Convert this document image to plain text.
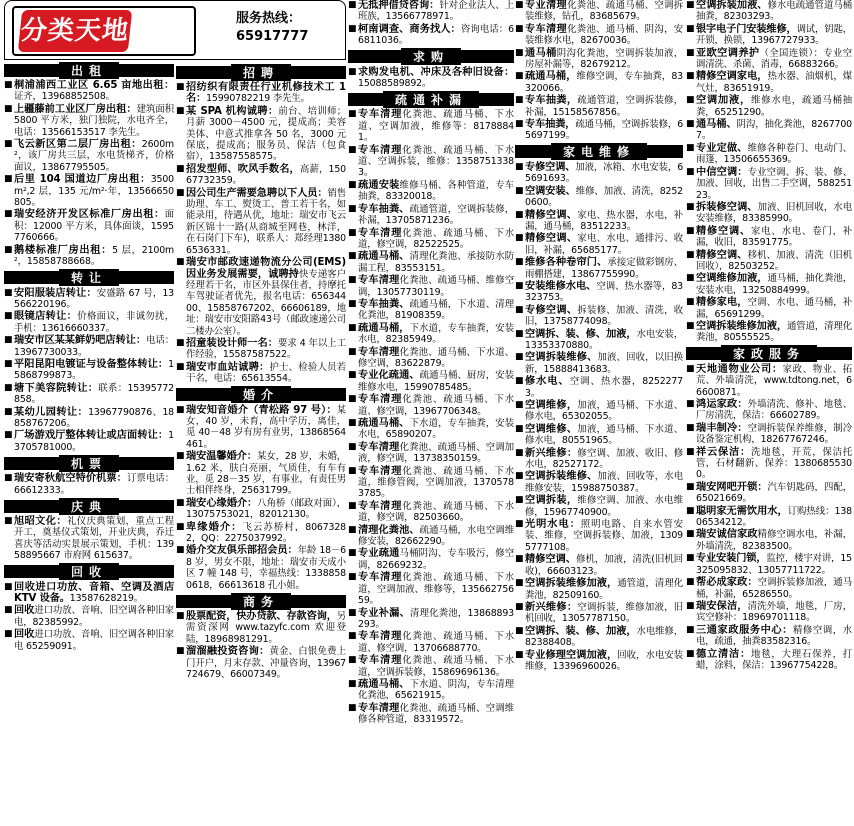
分类天地	服务热线：
65917777
出租
■ 桐浦浦西工业区 6.65 亩地出租：证齐，13968852508。
■ 上疆藤前工业区厂房出租：建筑面积 5800 平方米，独门独院，水电齐全，电话：13566153517 李先生。
■ 飞云新区第二层厂房出租：2600m²，该厂房共三层，水电货梯齐，价格面议，13867795505。
■ 后里 104 国道边厂房出租：3500m²,2 层，135 元/m²·年，13566650805。
■ 瑞安经济开发区标准厂房出租：面积：12000 平方米，具体面谈，15957760666。
■ 鹅楼标准厂房出租：5 层，2100m²，15858788668。
转让
■ 安阳服装店转让：安盛路 67 号，13566220196。
■ 眼镜店转让：价格面议，非诚勿扰，手机：13616660337。
■ 瑞安市区某某鲜奶吧店转让：电话：13967730033。
■ 平阳昆阳电镀证与设备整体转让：15868799873。
■ 塘下美容院转让：联系：15395772858。
■ 某幼儿园转让：13967790876、18858767206。
■ 厂场游戏厅整体转让或店面转让：13705781000。
机票
■ 瑞安寄秋航空特价机票：订票电话：66612333。
庆典
■ 旭昭文化：礼仪庆典策划，重点工程开工，奠基仪式策划，开业庆典，乔迁喜庆等活动实景展示策划，手机：13958895667 市府网 615637。
回收
■ 回收进口功放、音箱、空调及酒店 KTV 设备。13587628219。
■ 回收进口功放、音响、旧空调各种旧家电，82385992。
■ 回收进口功放、音响、旧空调各种旧家电 65259091。
招聘
■ 招纺织有限责任行业机修技术工 1 名：15990782219 李先生。
■ 某 SPA 机构诚聘：前台、培训师；月薪 3000－4500 元，提成高；美容美体、中意式推拿各 50 名，3000 元保底，提成高；服务员、保洁（包食宿），13587558575。
■ 招发型师、吹风手数名，高薪，15067732359。
■ 因公司生产需要急聘以下人员：销售助理、车工、熨烫工、普工若干名，如能录用，待遇从优，地址：瑞安市飞云新区锦十一路(从商城至网巷，林洋，在石岗门下车)，联系人：郑经理13806536331。
■ 瑞安市邮政速递物流分公司(EMS)因业务发展需要，诚聘持快专递客户经理若干名，市区外县保住者，持摩托车驾驶证者优先，报名电话：65634400、15858767202、66606189，地址：瑞安市安阳路43号（邮政速递公司二楼办公室）。
■ 招童装设计师一名：要求 4 年以上工作经验，15587587522。
■ 瑞安市血站诚聘：护士、检验人员若干名，电话：65613554。
婚介
■ 瑞安知音婚介（青松路 97 号）：某女，40 岁，未育，高中学历，离佳，觅 40－48 岁有房有业男，13868564461。
■ 瑞安温馨婚介：某女，28 岁，未婚，1.62 米，肤白亮丽，气质佳，有车有业，觅 28－35 岁，有事业，有责任男士相伴终身，25631799。
■ 瑞安心缘婚介：八角桥（邮政对面），13075753021，82012130。
■ 卑缘婚介：飞云苏桥村，80673282，QQ：2275037992。
■ 婚介交友俱乐部招会员：年龄 18－68 岁，男女不限，地址：瑞安市天成小区 7 幢 148 号，幸福热线：13388580618，66613618 孔小姐。
商务
■ 股票配资，快办贷款、存款咨询，另需资深网 www.tazyfc.com 欢迎登陆，18968981291。
■ 溜溜融投资咨询：黄金、白银免费上门开户，月末存款、冲量咨询，13967724679、66007349。
■ 无抵押借贷咨询：针对企业法人、上班族，13566778971。
■ 柯南调查、商务找人：咨询电话：66811036。
求购
■ 求购发电机、冲床及各种旧设备：15088589892。
疏通补漏
■ 专车清理化粪池、疏通马桶、下水道、空调加液，维修等：81788841。
■ 专车清理化粪池、疏通马桶、下水道、空调拆装，维修：13587513383。
■ 疏通安装维修马桶、各种管道，专车抽粪，83320018。
■ 专车抽粪、疏通管道，空调拆装修，补漏，13705871236。
■ 专车清理化粪池、疏通马桶、下水道，修空调，82522525。
■ 疏通马桶、清理化粪池、承接防水防漏工程，83553151。
■ 专车清理化粪池、疏通马桶、维修空调，13057730119。
■ 专车抽粪、疏通马桶，下水道、清理化粪池，81908359。
■ 疏通马桶，下水道，专车抽粪，安装水电，82385949。
■ 专车清理化粪池、通马桶、下水道、修空调，83622879。
■ 专业化疏通、疏通马桶、厨房，安装维修水电，15990785485。
■ 专车清理化粪池、疏通马桶、下水道、修空调，13967706348。
■ 疏通马桶、下水道，专车抽粪，安装水电，65890207。
■ 专车清理化粪池、疏通马桶、空调加液，修空调，13738350159。
■ 专车清理化粪池、疏通马桶、下水道，维修管阀，空调加液，13705783785。
■ 专车清理化粪池、疏通马桶、下水道，修空调，82503660。
■ 清理化粪池、疏通马桶，水电空调维修安装，82662290。
■ 专业疏通马桶阴沟、专车吸污，修空调，82669232。
■ 专车清理化粪池、疏通马桶、下水道，空调加液、维修等，13566275659。
■ 专业补漏、清理化粪池，13868893293。
■ 专车清理化粪池、疏通马桶、下水道、修空调，13706688770。
■ 专车清理化粪池、疏通马桶、下水道，空调拆装修，15869696136。
■ 疏通马桶、下水道、阴沟，专车清理化粪池，65621915。
■ 专车清理化粪池、疏通马桶、空调维修各种管道，83319572。
■ 专业清理化粪池、疏通马桶、空调拆装维修，钻孔，83685679。
■ 专车清理化粪池、通马桶、阴沟，安装维修水电，82670036。
■ 通马桶阴沟化粪池，空调拆装加液，房屋补漏等，82679212。
■ 疏通马桶，维修空调，专车抽粪，83320066。
■ 专车抽粪，疏通管道，空调拆装修，补漏，15158567856。
■ 专车抽粪，疏通马桶，空调拆装修，65697199。
家电维修
■ 专修空调、加液，冰箱、水电安装，65691693。
■ 空调安装、维修、加液、清洗，82520600。
■ 精修空调、家电、热水器，水电，补漏，通马桶，83512233。
■ 精修空调、家电、水电、通排污、收旧，补漏，65685177。
■ 维修各种卷帘门、承接定做彩钢房、雨棚搭建，13867755990。
■ 安装维修水电、空调、热水器等，83323753。
■ 专修空调、拆装修、加液、清洗，收旧，13758774098。
■ 空调拆、装、修、加液，水电安装，13353370880。
■ 空调拆装维修、加液、回收，以旧换新，15888413683。
■ 修水电、空调、热水器，82522773。
■ 空调维修，加液，通马桶、下水道、修水电，65302055。
■ 空调维修、加液，通马桶、下水道、修水电，80551965。
■ 新兴维修：修空调、加液、收旧、修水电，82527172。
■ 空调拆装维修、加液、回收等，水电维修安装，15988750387。
■ 空调拆装，维修空调、加液、水电维修，15967740900。
■ 光明水电：照明电路、自来水管安装、维修，空调拆装修、加液，13095777108。
■ 精修空调、修机，加液，清洗(旧机回收)，66603123。
■ 空调拆装维修加液，通管道，清理化粪池，82509160。
■ 新兴维修：空调拆装，维修加液，旧机回收，13057787150。
■ 空调拆、装、修、加液，水电维修，82388408。
■ 专业修理空调加液，回收，水电安装维修，13396960026。
■ 空调拆装加液、修水电疏通管道马桶抽粪，82303293。
■ 银字电子门安装维修，调试，钥匙，开锁，换锁，13967727933。
■ 亚欧空调养护（全国连锁）：专业空调清洗、杀菌、消毒，66883266。
■ 精修空调家电，热水器、油烟机，煤气灶，83651919。
■ 空调加液，维修水电，疏通马桶抽粪，65251290。
■ 通马桶、阴沟，抽化粪池，82677007。
■ 专业定做、维修各种卷门、电动门、雨篷，13506655369。
■ 中信空调：专业空调、拆、装、修、加液、回收，出售二手空调，58825123。
■ 拆装修空调、加液、旧机回收，水电安装维修，83385990。
■ 精修空调、家电、水电、卷门，补漏，收旧，83591775。
■ 精修空调、移机、加液、清洗（旧机回收），82503252。
■ 空调维修加液，通马桶，抽化粪池，安装水电，13250884999。
■ 精修家电，空调、水电、通马桶，补漏，65691299。
■ 空调拆装维修加液，通管道，清理化粪池，80555525。
家政服务
■ 天地通物业公司：家政、物业、拓荒、外墙清洗，www.tdtong.net，66600871。
■ 鸿运家政：外墙清洗、修补、地毯、厂房清洗，保洁：66602789。
■ 瑞丰制冷：空调拆装保养维修，制冷设备鉴定机构，18267767246。
■ 祥云保洁：洗地毯，开荒，保洁托管，石材翻新、保养：13806855300。
■ 瑞安网吧开锁：汽车钥匙码，四配，65021669。
■ 聪明家无需饮用水，订购热线：13806534212。
■ 瑞安诚信家政精修空调水电，补漏，外墙清洗，82383500。
■ 专业安装门锁，监控，楼宇对讲，15325095832、13057711722。
■ 帮必成家政：空调拆装修加液，通马桶，补漏，65286550。
■ 瑞安保洁，清洗外墙，地毯，厂房，宾空修补：18969701118。
■ 三通家政服务中心：精修空调，水电，疏通，抽粪83582316。
■ 德立清洁：地毯，大理石保养，打蜡，涂料，保洁：13967754228。
